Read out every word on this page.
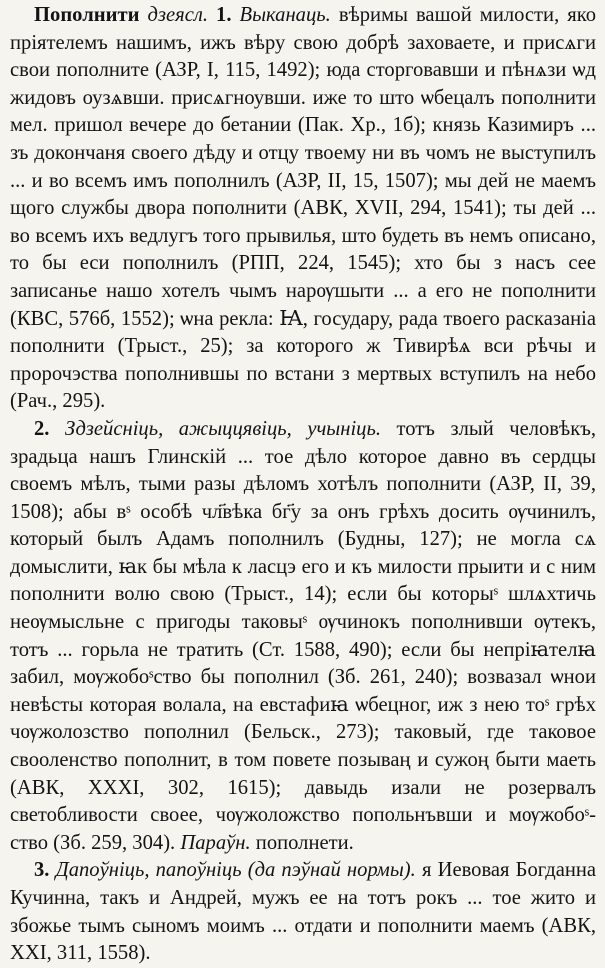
Пополнити дзеясл. 1. Выканаць. вѣримы вашой милости, яко пріятелемъ нашимъ, ижъ вѣру свою добрѣ заховаете, и присѧги свои пополните (АЗР, I, 115, 1492); юда сторговавши и пѣнѧзи ѡд жидовъ оузѧвши. присѧгноувши. иже то што ѡбецалъ пополнити мел. пришол вечере до бетании (Пак. Хр., 1б); князь Казимиръ ... зъ докончаня своего дѣду и отцу твоему ни въ чомъ не выступилъ ... и во всемъ имъ пополнилъ (АЗР, II, 15, 1507); мы дей не маемъ щого службы двора пополнити (АВК, XVII, 294, 1541); ты дей ... во всемъ ихъ ведлугъ того прывилья, што будеть въ немъ описано, то бы еси пополнилъ (РПП, 224, 1545); хто бы з насъ сее записанье нашо хотелъ чымъ нарѹшыти ... а его не пополнити (КВС, 576б, 1552); ѡна рекла: Ꙗ, государу, рада твоего расказаніа пополнити (Трыст., 25); за которого ж Тивирѣѧ вси рѣчы и пророчэства пополнившы по встани з мертвых вступилъ на небо (Рач., 295).

2. Здзейсніць, ажыццявіць, учыніць. тотъ злый человѣкъ, зрадьца нашъ Глинскій ... тое дѣло которое давно въ сердцы своемъ мѣлъ, тыми разы дѣломъ хотѣлъ пополнити (АЗР, II, 39, 1508); абы вˢ особѣ чл҃вѣка бг҃у за онъ грѣхъ досить ѹчинилъ, который былъ Адамъ пополнилъ (Будны, 127); не могла сѧ домыслити, ꙗк бы мѣла к ласцэ его и къ милости прыити и с ним пополнити волю свою (Трыст., 14); если бы которыˢ шлѧхтичь неѹмысльне с пригоды таковыˢ ѹчинокъ пополнивши ѹтекъ, тотъ ... горьла не тратить (Ст. 1588, 490); если бы непріꙗтелꙗ забил, мѹжобоˢство бы пополнил (Зб. 261, 240); возвазал ѡнои невѣсты которая волала, на евстафиꙗ ѡбецног, иж з нею тоˢ грѣх чѹжолозство пополнил (Бельск., 273); таковый, где таковое свооленство пополнит, в том повете позываң и сужоң быти маеть (АВК, XXXI, 302, 1615); давыдь изали не розервалъ светобливости своее, чѹжоложство попольнъвши и мѹжобоˢ-ство (Зб. 259, 304). Параўн. пополнети.

3. Дапоўніць, папоўніць (да пэўнай нормы). я Иевовая Богданна Кучинна, такъ и Андрей, мужъ ее на тотъ рокъ ... тое жито и збожье тымъ сыномъ моимъ ... отдати и пополнити маемъ (АВК, XXI, 311, 1558).
